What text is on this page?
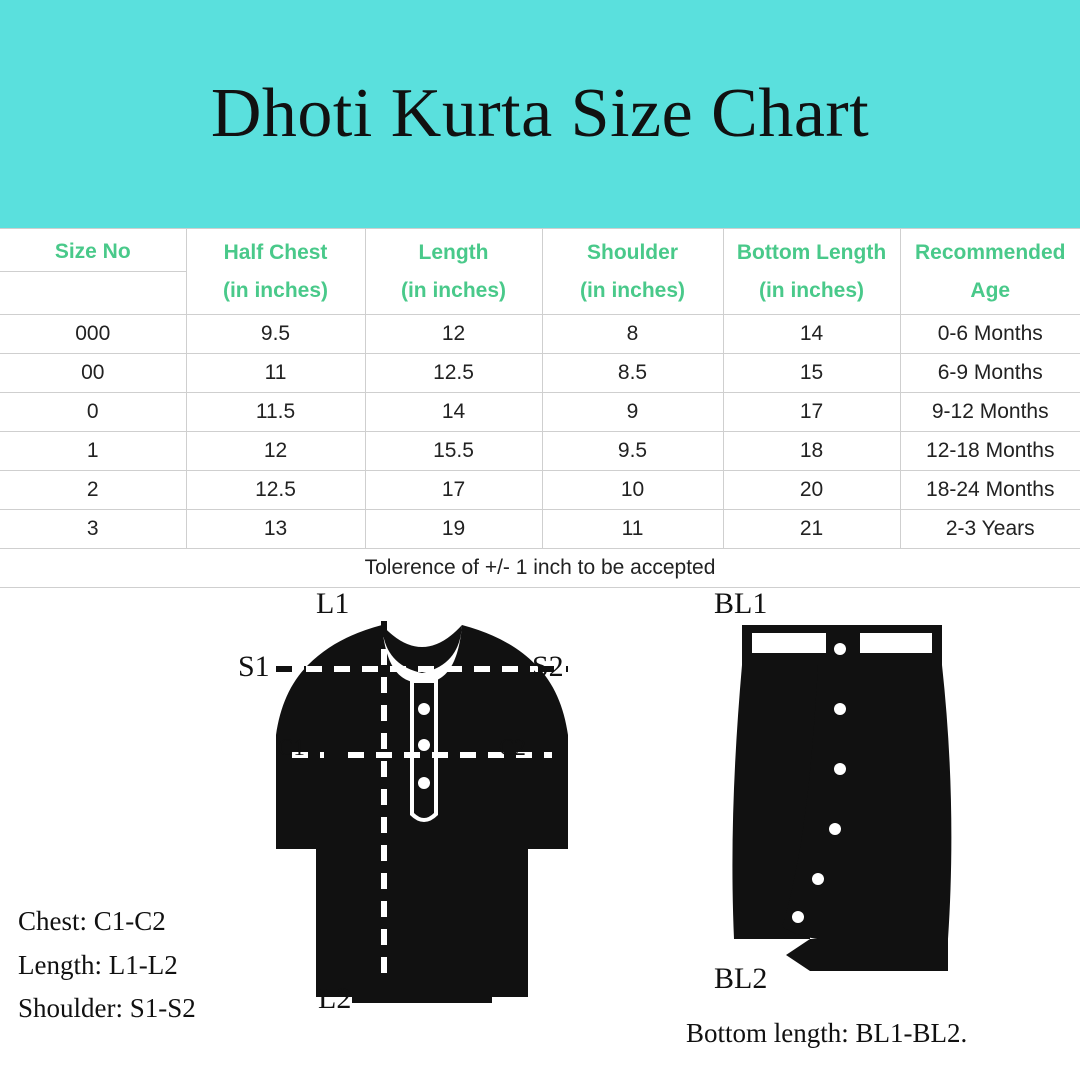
Dhoti Kurta Size Chart
Size No	Half Chest	Length	Shoulder	Bottom Length	Recommended
	(in inches)	(in inches)	(in inches)	(in inches)	Age
000	9.5	12	8	14	0-6 Months
00	11	12.5	8.5	15	6-9 Months
0	11.5	14	9	17	9-12 Months
1	12	15.5	9.5	18	12-18 Months
2	12.5	17	10	20	18-24 Months
3	13	19	11	21	2-3 Years
Tolerence of +/- 1 inch to be accepted					
Chest: C1-C2
Length: L1-L2
Shoulder: S1-S2
L1
S1	S2
C1	C2
L2
BL1
BL2
Bottom length: BL1-BL2.
